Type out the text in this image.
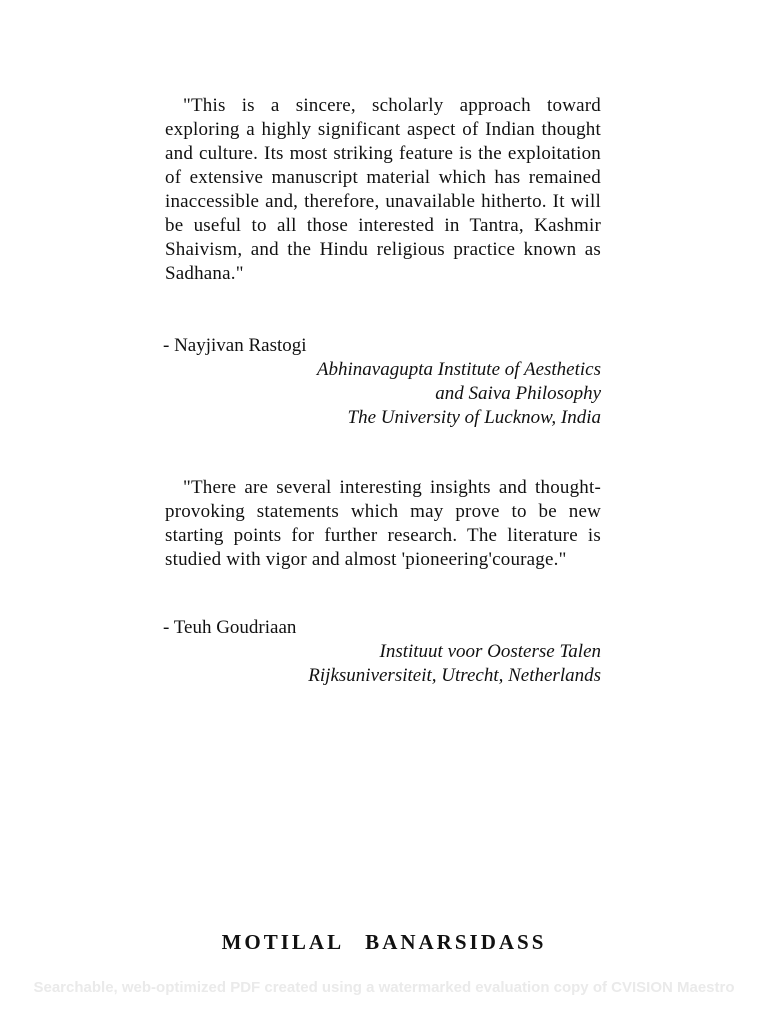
"This is a sincere, scholarly approach toward exploring a highly significant aspect of Indian thought and culture. Its most striking feature is the exploitation of extensive manuscript material which has remained inaccessible and, therefore, unavailable hitherto. It will be useful to all those interested in Tantra, Kashmir Shaivism, and the Hindu religious practice known as Sadhana."

- Nayjivan Rastogi

Abhinavagupta Institute of Aesthetics
and Saiva Philosophy
The University of Lucknow, India

"There are several interesting insights and thought-provoking statements which may prove to be new starting points for further research. The literature is studied with vigor and almost 'pioneering'courage."

- Teuh Goudriaan

Instituut voor Oosterse Talen
Rijksuniversiteit, Utrecht, Netherlands

MOTILAL BANARSIDASS

Searchable, web-optimized PDF created using a watermarked evaluation copy of CVISION Maestro
